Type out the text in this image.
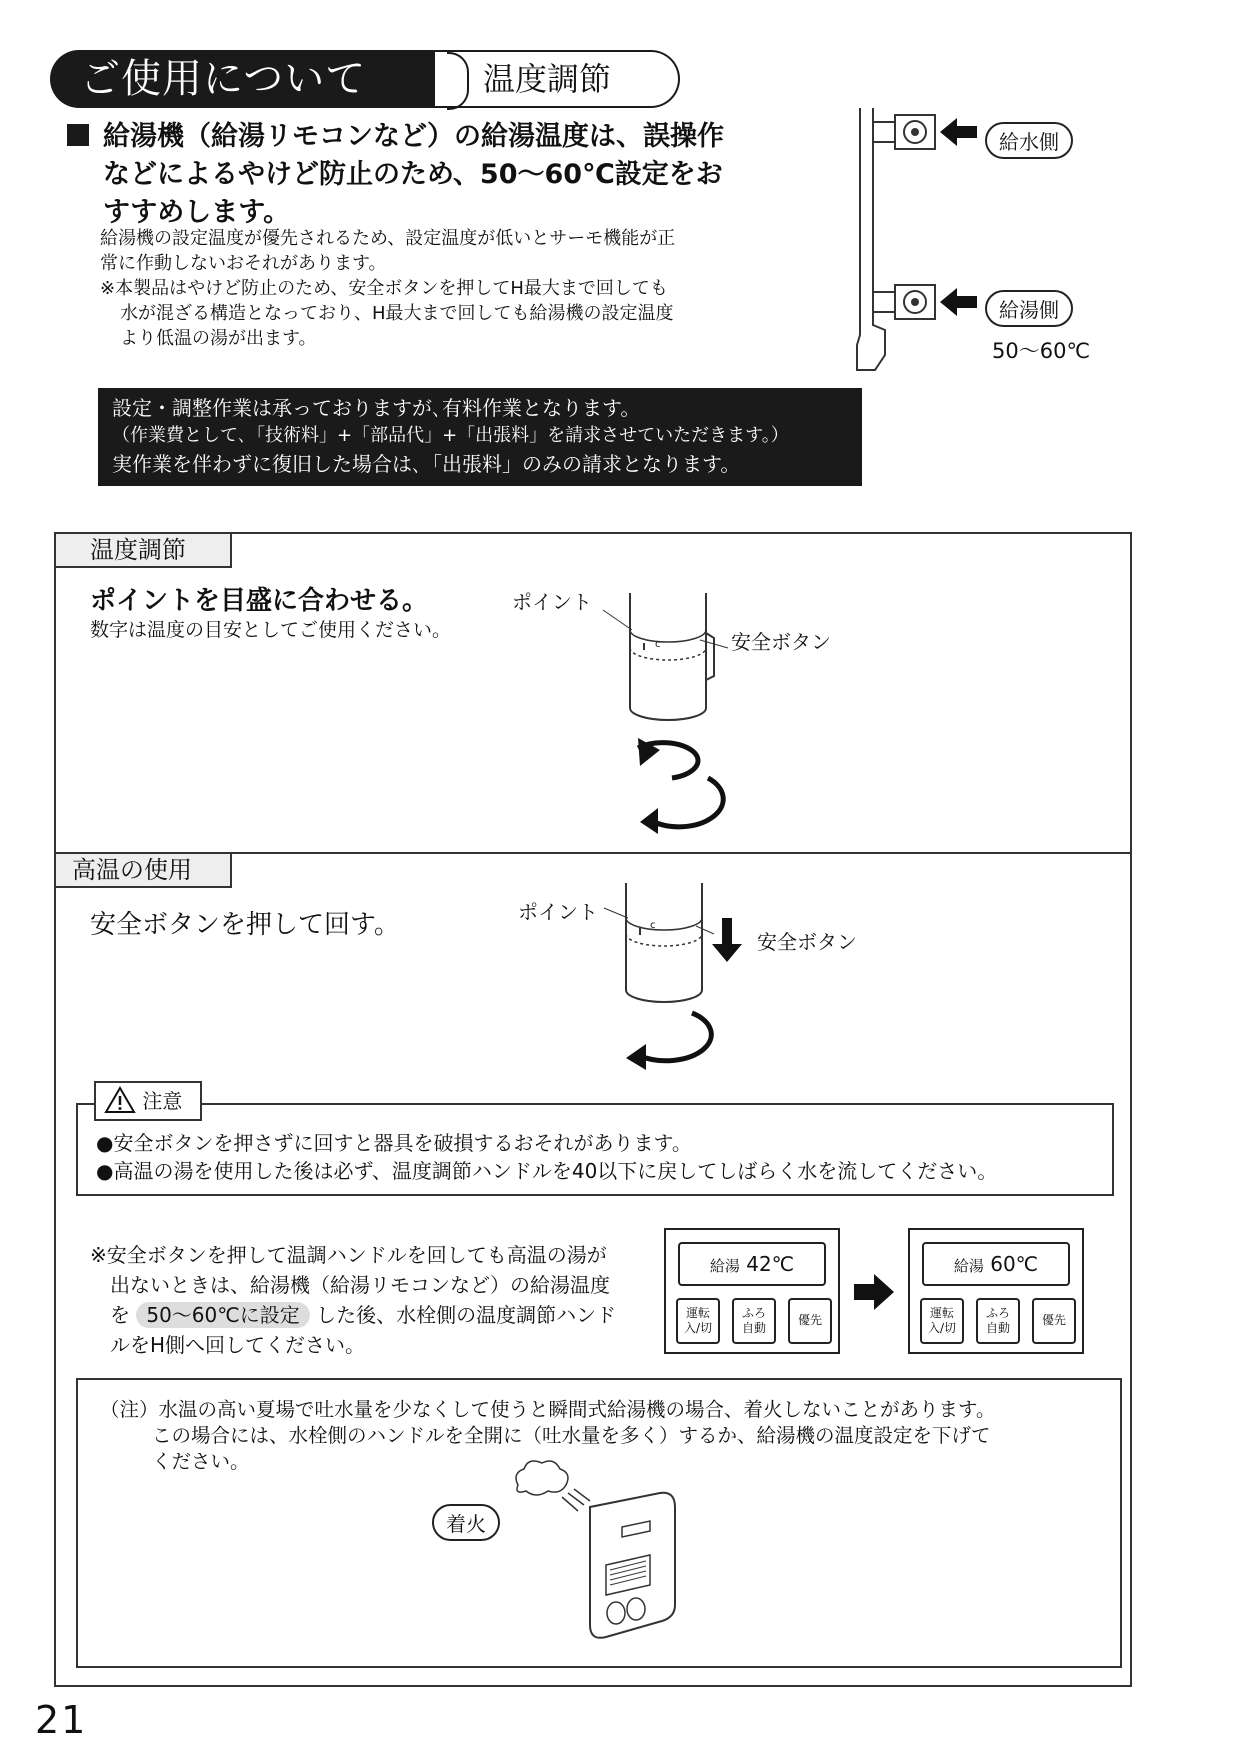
ご使用について	温度調節
給湯機（給湯リモコンなど）の給湯温度は、誤操作
などによるやけど防止のため、50〜60℃設定をお
すすめします。
給湯機の設定温度が優先されるため、設定温度が低いとサーモ機能が正
常に作動しないおそれがあります。
※本製品はやけど防止のため、安全ボタンを押してH最大まで回しても
水が混ざる構造となっており、H最大まで回しても給湯機の設定温度
より低温の湯が出ます。
給水側
給湯側
50〜60℃
設定・調整作業は承っておりますが､有料作業となります。
（作業費として､「技術料」+「部品代」+「出張料」を請求させていただきます。）
実作業を伴わずに復旧した場合は､「出張料」のみの請求となります。
温度調節
ポイントを目盛に合わせる。
数字は温度の目安としてご使用ください。
c
ポイント
安全ボタン
高温の使用
安全ボタンを押して回す。	c
ポイント
安全ボタン
●安全ボタンを押さずに回すと器具を破損するおそれがあります。
●高温の湯を使用した後は必ず、温度調節ハンドルを40以下に戻してしばらく水を流してください。
注意
※安全ボタンを押して温調ハンドルを回しても高温の湯が
出ないときは、給湯機（給湯リモコンなど）の給湯温度
を 50〜60℃に設定 した後、水栓側の温度調節ハンド
ルをH側へ回してください。
給湯 42℃
運転
入/切
ふろ
自動
優先
給湯 60℃
運転
入/切
ふろ
自動
優先
（注）水温の高い夏場で吐水量を少なくして使うと瞬間式給湯機の場合、着火しないことがあります。
この場合には、水栓側のハンドルを全開に（吐水量を多く）するか、給湯機の温度設定を下げて
ください。
着火
21
